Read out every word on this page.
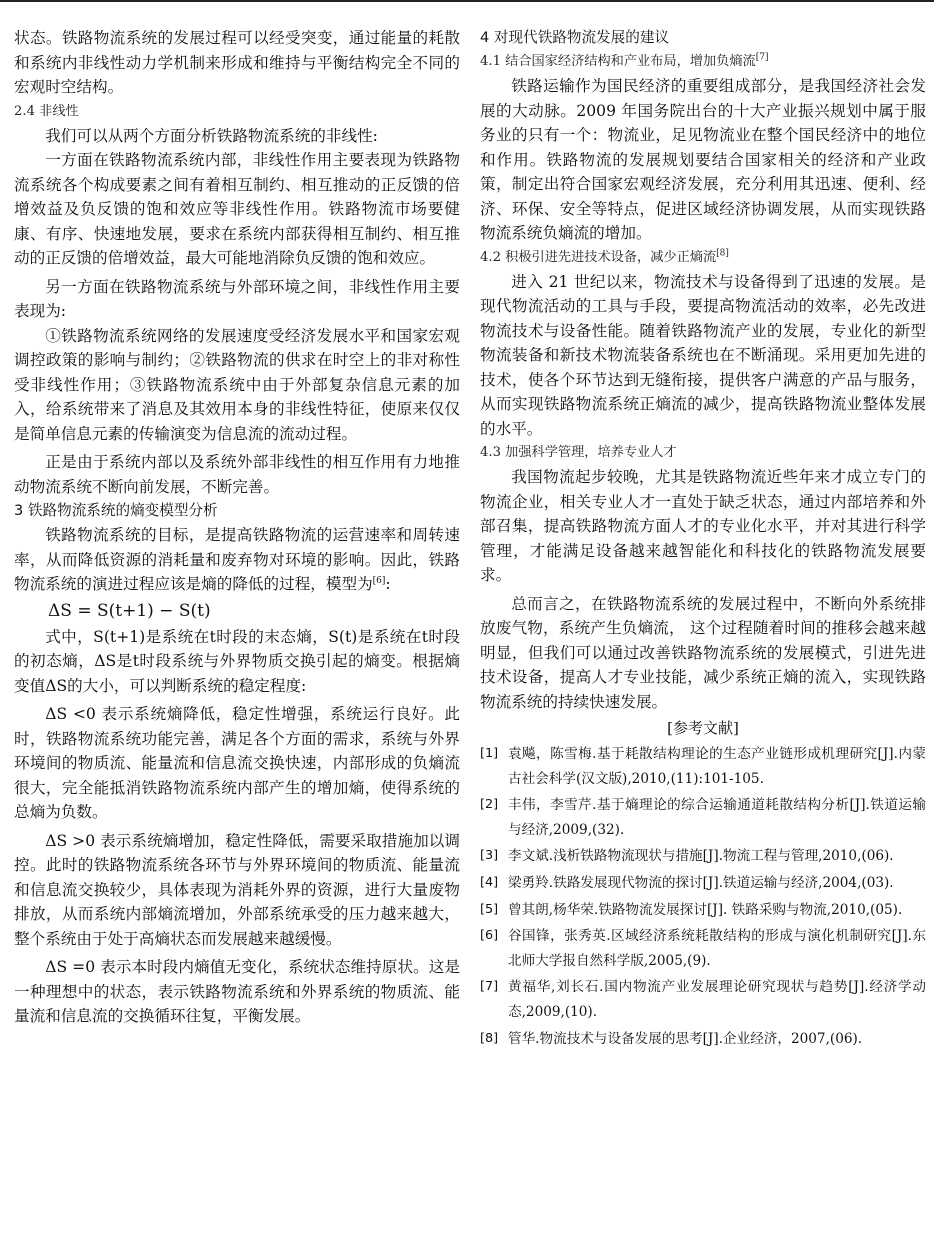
状态。铁路物流系统的发展过程可以经受突变，通过能量的耗散和系统内非线性动力学机制来形成和维持与平衡结构完全不同的宏观时空结构。

2.4 非线性

我们可以从两个方面分析铁路物流系统的非线性:

一方面在铁路物流系统内部，非线性作用主要表现为铁路物流系统各个构成要素之间有着相互制约、相互推动的正反馈的倍增效益及负反馈的饱和效应等非线性作用。铁路物流市场要健康、有序、快速地发展，要求在系统内部获得相互制约、相互推动的正反馈的倍增效益，最大可能地消除负反馈的饱和效应。

另一方面在铁路物流系统与外部环境之间，非线性作用主要表现为:

①铁路物流系统网络的发展速度受经济发展水平和国家宏观调控政策的影响与制约；②铁路物流的供求在时空上的非对称性受非线性作用；③铁路物流系统中由于外部复杂信息元素的加入，给系统带来了消息及其效用本身的非线性特征，使原来仅仅是简单信息元素的传输演变为信息流的流动过程。

正是由于系统内部以及系统外部非线性的相互作用有力地推动物流系统不断向前发展，不断完善。

3 铁路物流系统的熵变模型分析

铁路物流系统的目标，是提高铁路物流的运营速率和周转速率，从而降低资源的消耗量和废弃物对环境的影响。因此，铁路物流系统的演进过程应该是熵的降低的过程，模型为[6]:

ΔS = S(t+1) − S(t)

式中，S(t+1)是系统在t时段的末态熵，S(t)是系统在t时段的初态熵，ΔS是t时段系统与外界物质交换引起的熵变。根据熵变值ΔS的大小，可以判断系统的稳定程度:

ΔS <0 表示系统熵降低，稳定性增强，系统运行良好。此时，铁路物流系统功能完善，满足各个方面的需求，系统与外界环境间的物质流、能量流和信息流交换快速，内部形成的负熵流很大，完全能抵消铁路物流系统内部产生的增加熵，使得系统的总熵为负数。

ΔS >0 表示系统熵增加，稳定性降低，需要采取措施加以调控。此时的铁路物流系统各环节与外界环境间的物质流、能量流和信息流交换较少，具体表现为消耗外界的资源，进行大量废物排放，从而系统内部熵流增加，外部系统承受的压力越来越大，整个系统由于处于高熵状态而发展越来越缓慢。

ΔS =0 表示本时段内熵值无变化，系统状态维持原状。这是一种理想中的状态，表示铁路物流系统和外界系统的物质流、能量流和信息流的交换循环往复，平衡发展。

4 对现代铁路物流发展的建议
4.1 结合国家经济结构和产业布局，增加负熵流[7]

铁路运输作为国民经济的重要组成部分，是我国经济社会发展的大动脉。2009 年国务院出台的十大产业振兴规划中属于服务业的只有一个：物流业，足见物流业在整个国民经济中的地位和作用。铁路物流的发展规划要结合国家相关的经济和产业政策，制定出符合国家宏观经济发展，充分利用其迅速、便利、经济、环保、安全等特点，促进区域经济协调发展，从而实现铁路物流系统负熵流的增加。

4.2 积极引进先进技术设备，减少正熵流[8]

进入 21 世纪以来，物流技术与设备得到了迅速的发展。是现代物流活动的工具与手段，要提高物流活动的效率，必先改进物流技术与设备性能。随着铁路物流产业的发展，专业化的新型物流装备和新技术物流装备系统也在不断涌现。采用更加先进的技术，使各个环节达到无缝衔接，提供客户满意的产品与服务，从而实现铁路物流系统正熵流的减少，提高铁路物流业整体发展的水平。

4.3 加强科学管理，培养专业人才

我国物流起步较晚，尤其是铁路物流近些年来才成立专门的物流企业，相关专业人才一直处于缺乏状态，通过内部培养和外部召集，提高铁路物流方面人才的专业化水平，并对其进行科学管理，才能满足设备越来越智能化和科技化的铁路物流发展要求。

总而言之，在铁路物流系统的发展过程中，不断向外系统排放废气物，系统产生负熵流， 这个过程随着时间的推移会越来越明显，但我们可以通过改善铁路物流系统的发展模式，引进先进技术设备，提高人才专业技能，减少系统正熵的流入，实现铁路物流系统的持续快速发展。

[参考文献]
[1] 袁飚，陈雪梅.基于耗散结构理论的生态产业链形成机理研究[J].内蒙古社会科学(汉文版),2010,(11):101-105.
[2] 丰伟，李雪芹.基于熵理论的综合运输通道耗散结构分析[J].铁道运输与经济,2009,(32).
[3] 李文斌.浅析铁路物流现状与措施[J].物流工程与管理,2010,(06).
[4] 梁勇羚.铁路发展现代物流的探讨[J].铁道运输与经济,2004,(03).
[5] 曾其朗,杨华荣.铁路物流发展探讨[J]. 铁路采购与物流,2010,(05).
[6] 谷国锋，张秀英.区域经济系统耗散结构的形成与演化机制研究[J].东北师大学报自然科学版,2005,(9).
[7] 黄福华,刘长石.国内物流产业发展理论研究现状与趋势[J].经济学动态,2009,(10).
[8] 管华.物流技术与设备发展的思考[J].企业经济，2007,(06).
